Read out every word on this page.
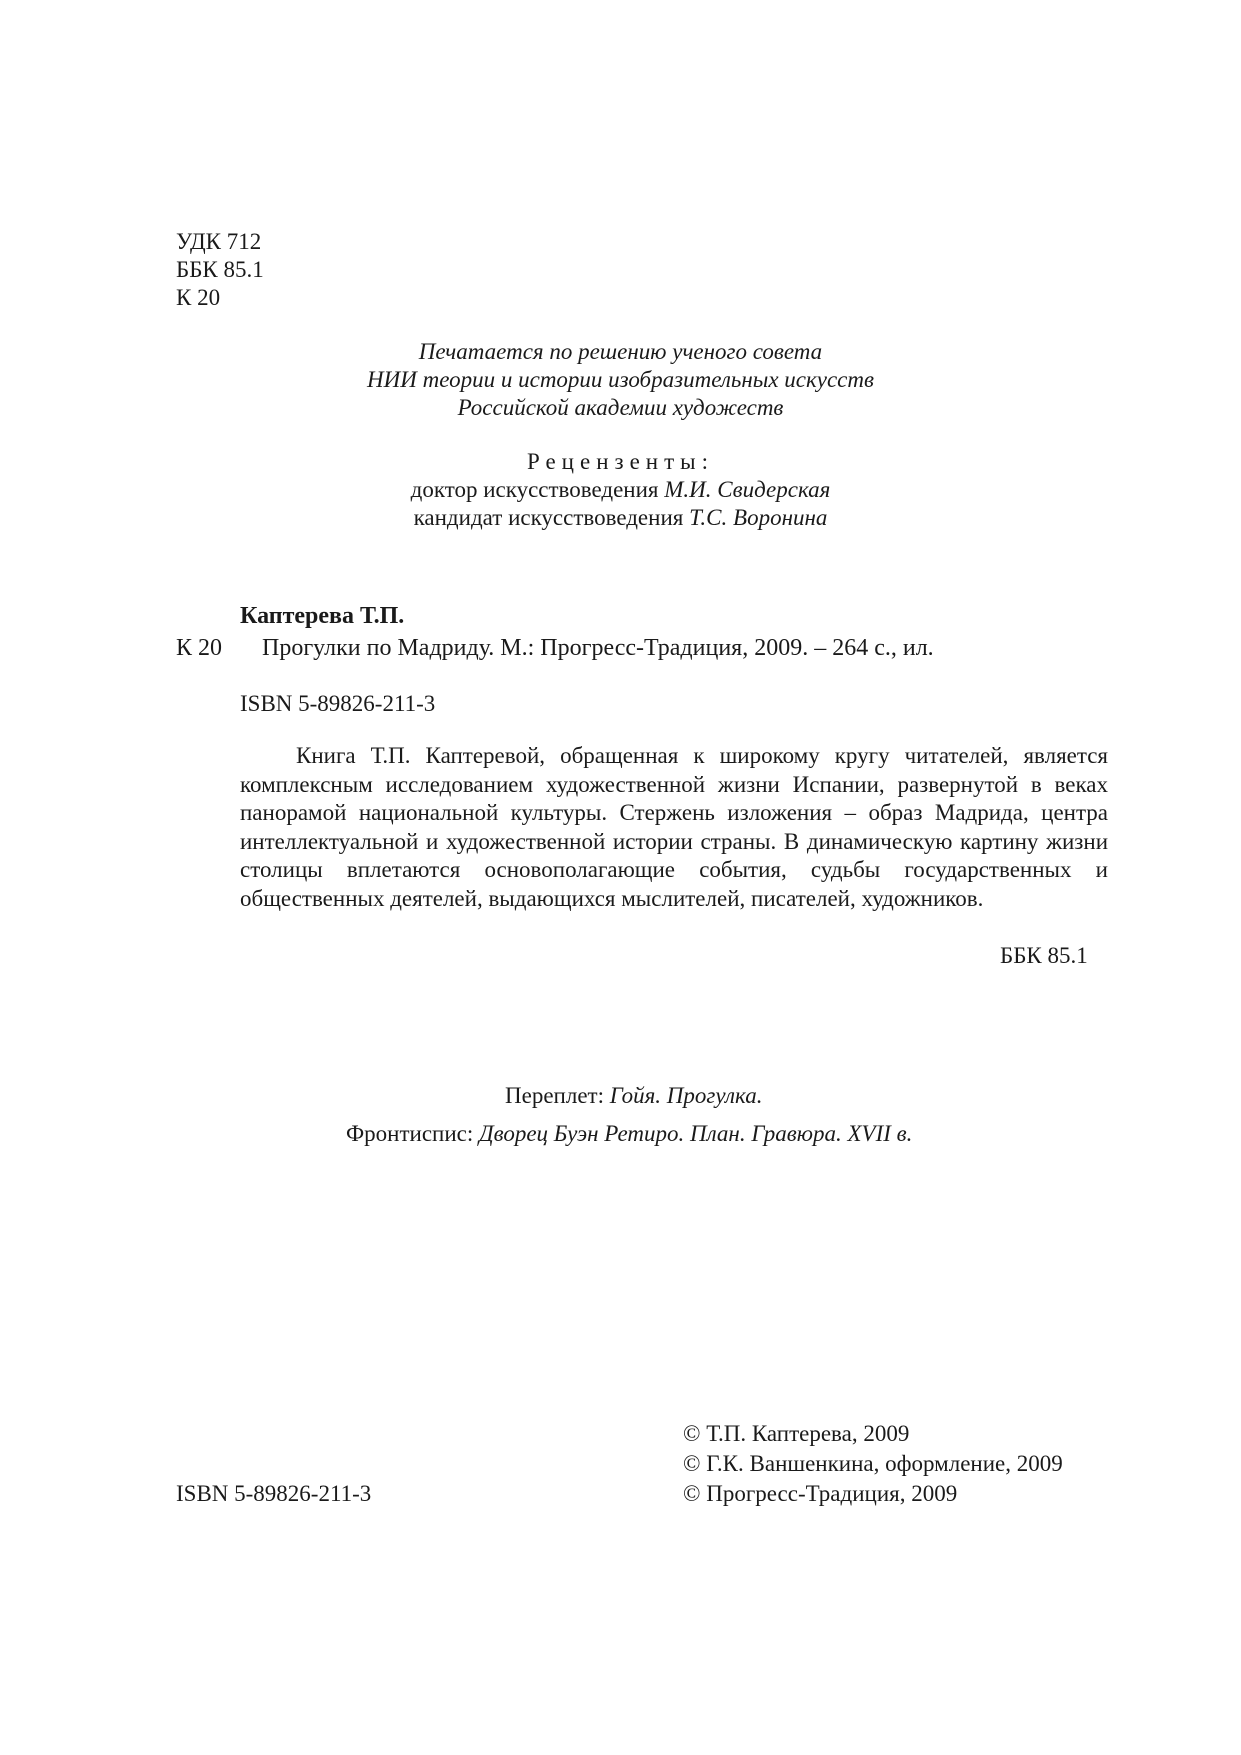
УДК 712
ББК 85.1
К 20
Печатается по решению ученого совета
НИИ теории и истории изобразительных искусств
Российской академии художеств
Рецензенты:
доктор искусствоведения М.И. Свидерская
кандидат искусствоведения Т.С. Воронина
Каптерева Т.П.
К 20 Прогулки по Мадриду. М.: Прогресс-Традиция, 2009. – 264 с., ил.
ISBN 5-89826-211-3
Книга Т.П. Каптеревой, обращенная к широкому кругу читателей, является комплексным исследованием художественной жизни Испании, развернутой в веках панорамой национальной культуры. Стержень изложения – образ Мадрида, центра интеллектуальной и художественной истории страны. В динамическую картину жизни столицы вплетаются основополагающие события, судьбы государственных и общественных деятелей, выдающихся мыслителей, писателей, художников.
ББК 85.1
Переплет: Гойя. Прогулка.
Фронтиспис: Дворец Буэн Ретиро. План. Гравюра. XVII в.
© Т.П. Каптерева, 2009
© Г.К. Ваншенкина, оформление, 2009
© Прогресс-Традиция, 2009
ISBN 5-89826-211-3
